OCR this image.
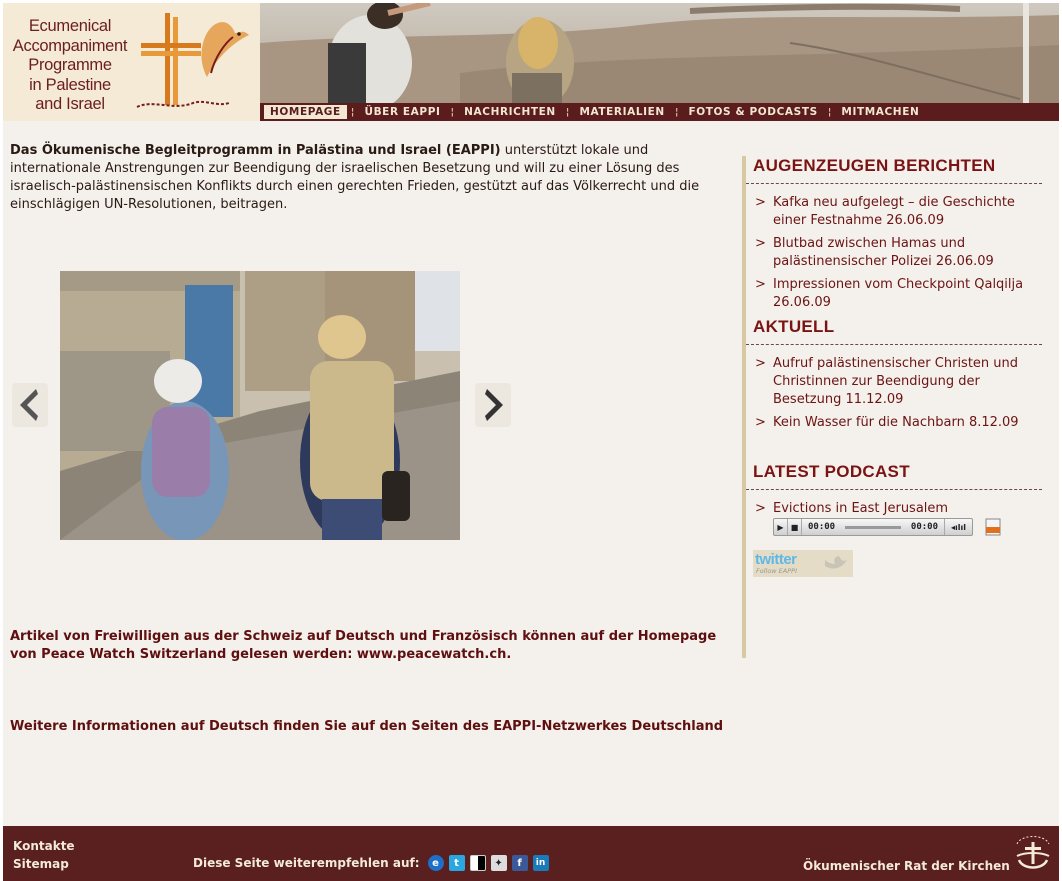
Ecumenical
Accompaniment
Programme
in Palestine
and Israel	HOMEPAGE	¦ ÜBER EAPPI	¦ NACHRICHTEN	¦ MATERIALIEN	¦ FOTOS & PODCASTS	¦ MITMACHEN

Das Ökumenische Begleitprogramm in Palästina und Israel (EAPPI) unterstützt lokale und internationale Anstrengungen zur Beendigung der israelischen Besetzung und will zu einer Lösung des israelisch-palästinensischen Konflikts durch einen gerechten Frieden, gestützt auf das Völkerrecht und die einschlägigen UN-Resolutionen, beitragen.

Artikel von Freiwilligen aus der Schweiz auf Deutsch und Französisch können auf der Homepage von Peace Watch Switzerland gelesen werden: www.peacewatch.ch.

Weitere Informationen auf Deutsch finden Sie auf den Seiten des EAPPI-Netzwerkes Deutschland

AUGENZEUGEN BERICHTEN
> Kafka neu aufgelegt – die Geschichte einer Festnahme 26.06.09
> Blutbad zwischen Hamas und palästinensischer Polizei 26.06.09
> Impressionen vom Checkpoint Qalqilja 26.06.09
AKTUELL
> Aufruf palästinensischer Christen und Christinnen zur Beendigung der Besetzung 11.12.09
> Kein Wasser für die Nachbarn 8.12.09
LATEST PODCAST
> Evictions in East Jerusalem
▶ ■	00:00	00:00	◂ılıl
twitter
Follow EAPPI
Kontakte
Sitemap	Diese Seite weiterempfehlen auf:	e	t	✦	f	in	Ökumenischer Rat der Kirchen
